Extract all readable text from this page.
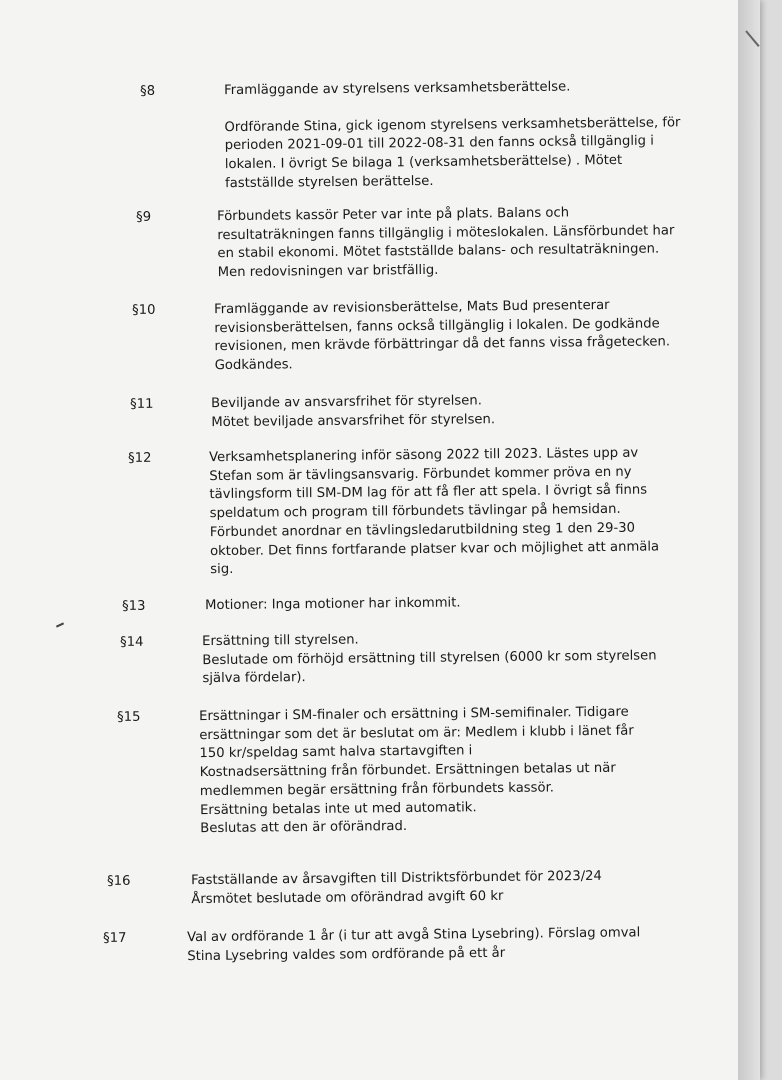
§8	Framläggande av styrelsens verksamhetsberättelse.
Ordförande Stina, gick igenom styrelsens verksamhetsberättelse, för
perioden 2021-09-01 till 2022-08-31 den fanns också tillgänglig i
lokalen. I övrigt Se bilaga 1 (verksamhetsberättelse) . Mötet
fastställde styrelsen berättelse.
§9	Förbundets kassör Peter var inte på plats. Balans och
resultaträkningen fanns tillgänglig i möteslokalen. Länsförbundet har
en stabil ekonomi. Mötet fastställde balans- och resultaträkningen.
Men redovisningen var bristfällig.
§10	Framläggande av revisionsberättelse, Mats Bud presenterar
revisionsberättelsen, fanns också tillgänglig i lokalen. De godkände
revisionen, men krävde förbättringar då det fanns vissa frågetecken.
Godkändes.
§11	Beviljande av ansvarsfrihet för styrelsen.
Mötet beviljade ansvarsfrihet för styrelsen.
§12	Verksamhetsplanering inför säsong 2022 till 2023. Lästes upp av
Stefan som är tävlingsansvarig. Förbundet kommer pröva en ny
tävlingsform till SM-DM lag för att få fler att spela. I övrigt så finns
speldatum och program till förbundets tävlingar på hemsidan.
Förbundet anordnar en tävlingsledarutbildning steg 1 den 29-30
oktober. Det finns fortfarande platser kvar och möjlighet att anmäla
sig.
§13	Motioner: Inga motioner har inkommit.
§14	Ersättning till styrelsen.
Beslutade om förhöjd ersättning till styrelsen (6000 kr som styrelsen
själva fördelar).
§15	Ersättningar i SM-finaler och ersättning i SM-semifinaler. Tidigare
ersättningar som det är beslutat om är: Medlem i klubb i länet får
150 kr/speldag samt halva startavgiften i
Kostnadsersättning från förbundet. Ersättningen betalas ut när
medlemmen begär ersättning från förbundets kassör.
Ersättning betalas inte ut med automatik.
Beslutas att den är oförändrad.
§16	Fastställande av årsavgiften till Distriktsförbundet för 2023/24
Årsmötet beslutade om oförändrad avgift 60 kr
§17	Val av ordförande 1 år (i tur att avgå Stina Lysebring). Förslag omval
Stina Lysebring valdes som ordförande på ett år
